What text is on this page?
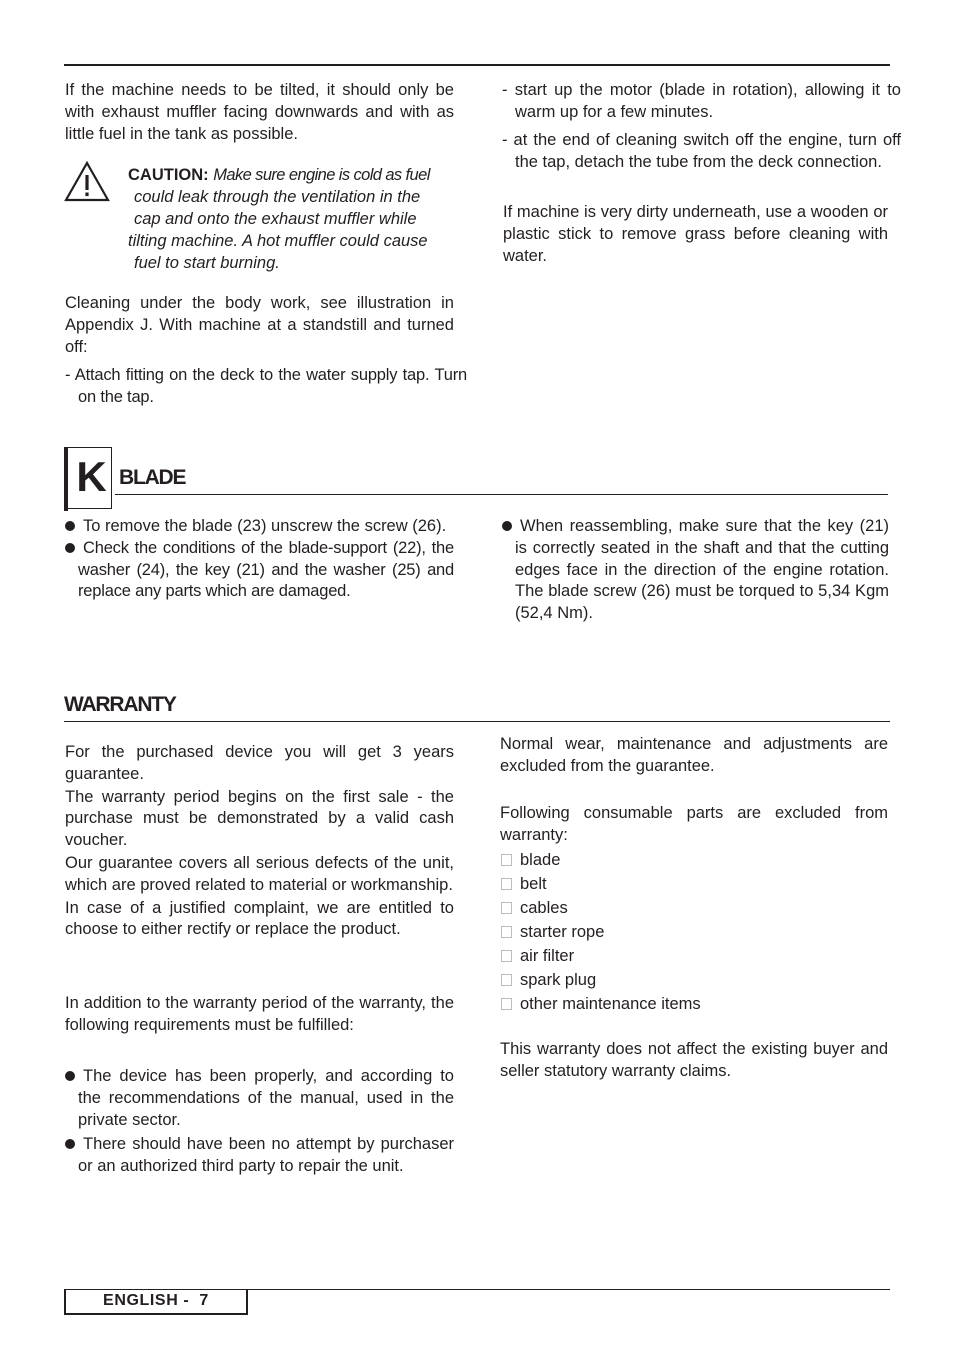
If the machine needs to be tilted, it should only be with exhaust muffler facing downwards and with as little fuel in the tank as possible.

CAUTION: Make sure engine is cold as fuel
could leak through the ventilation in the
cap and onto the exhaust muffler while
tilting machine. A hot muffler could cause
fuel to start burning.

Cleaning under the body work, see illustration in Appendix J. With machine at a standstill and turned off:

- Attach fitting on the deck to the water supply tap. Turn on the tap.

- start up the motor (blade in rotation), allowing it to warm up for a few minutes.

- at the end of cleaning switch off the engine, turn off the tap, detach the tube from the deck connection.

If machine is very dirty underneath, use a wooden or plastic stick to remove grass before cleaning with water.

K BLADE

To remove the blade (23) unscrew the screw (26).

Check the conditions of the blade-support (22), the washer (24), the key (21) and the washer (25) and replace any parts which are damaged.

When reassembling, make sure that the key (21) is correctly seated in the shaft and that the cutting edges face in the direction of the engine rotation. The blade screw (26) must be torqued to 5,34 Kgm (52,4 Nm).

WARRANTY

For the purchased device you will get 3 years guarantee.

The warranty period begins on the first sale - the purchase must be demonstrated by a valid cash voucher.

Our guarantee covers all serious defects of the unit, which are proved related to material or workmanship.

In case of a justified complaint, we are entitled to choose to either rectify or replace the product.

In addition to the warranty period of the warranty, the following requirements must be fulfilled:

The device has been properly, and according to the recommendations of the manual, used in the private sector.

There should have been no attempt by purchaser or an authorized third party to repair the unit.

Normal wear, maintenance and adjustments are excluded from the guarantee.

Following consumable parts are excluded from warranty:

blade
belt
cables
starter rope
air filter
spark plug
other maintenance items

This warranty does not affect the existing buyer and seller statutory warranty claims.

ENGLISH -  7
